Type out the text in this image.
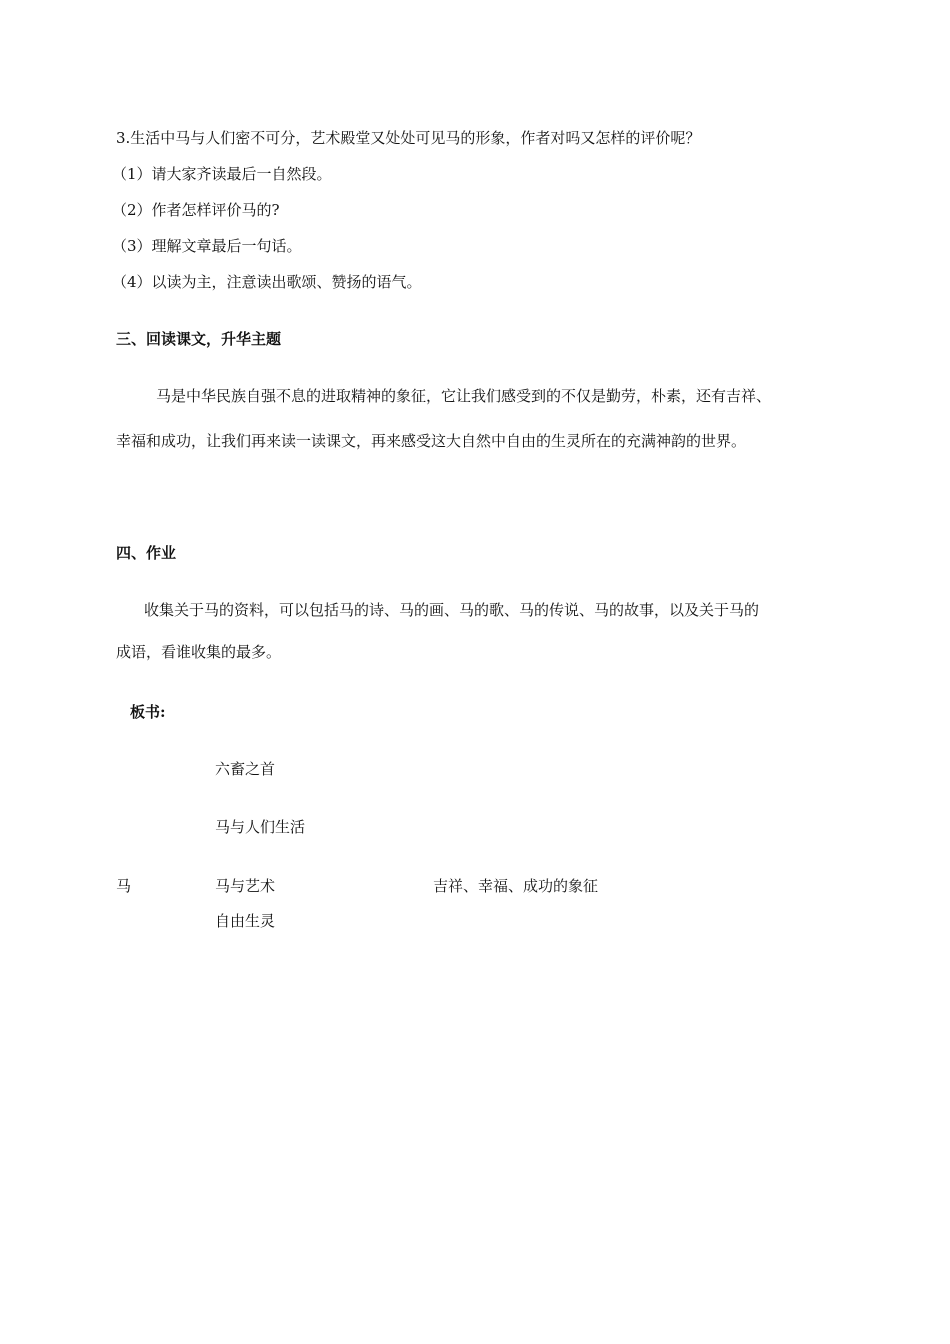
3.生活中马与人们密不可分，艺术殿堂又处处可见马的形象，作者对吗又怎样的评价呢？
（1）请大家齐读最后一自然段。
（2）作者怎样评价马的?
（3）理解文章最后一句话。
（4）以读为主，注意读出歌颂、赞扬的语气。
三、回读课文，升华主题
马是中华民族自强不息的进取精神的象征，它让我们感受到的不仅是勤劳，朴素，还有吉祥、
幸福和成功，让我们再来读一读课文，再来感受这大自然中自由的生灵所在的充满神韵的世界。
四、作业
收集关于马的资料，可以包括马的诗、马的画、马的歌、马的传说、马的故事，以及关于马的
成语，看谁收集的最多。
板书:
六畜之首
马与人们生活
马	马与艺术	吉祥、幸福、成功的象征
自由生灵
